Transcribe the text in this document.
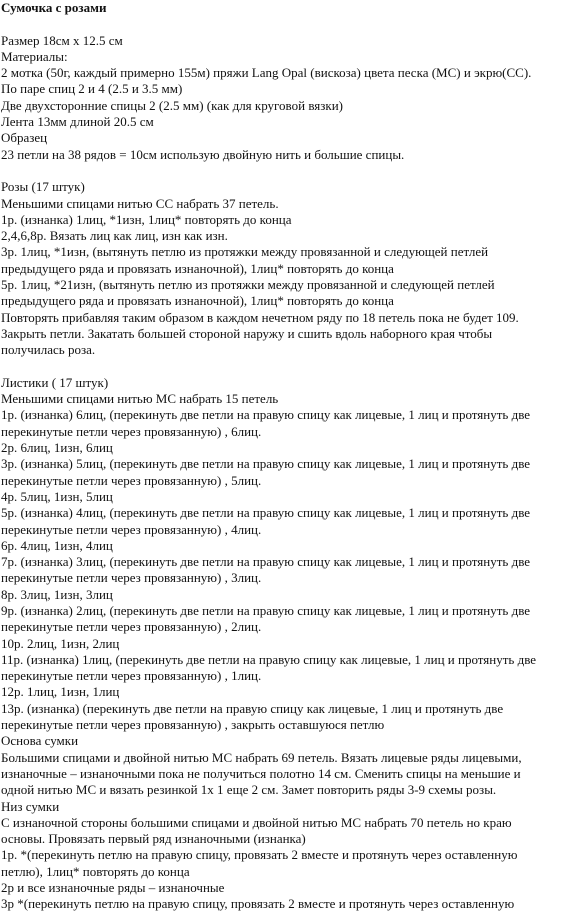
Сумочка с розами
Размер 18см x 12.5 см
Материалы:
2 мотка (50г, каждый примерно 155м) пряжи Lang Opal (вискоза) цвета песка (МС) и экрю(СС).
По паре спиц 2 и 4 (2.5 и 3.5 мм)
Две двухсторонние спицы 2 (2.5 мм) (как для круговой вязки)
Лента 13мм длиной 20.5 см
Образец
23 петли на 38 рядов = 10см использую двойную нить и большие спицы.
Розы (17 штук)
Меньшими спицами нитью СС набрать 37 петель.
1р. (изнанка) 1лиц, *1изн, 1лиц* повторять до конца
2,4,6,8р. Вязать лиц как лиц, изн как изн.
3р. 1лиц, *1изн, (вытянуть петлю из протяжки между провязанной и следующей петлей
предыдущего ряда и провязать изнаночной), 1лиц* повторять до конца
5р. 1лиц, *21изн, (вытянуть петлю из протяжки между провязанной и следующей петлей
предыдущего ряда и провязать изнаночной), 1лиц* повторять до конца
Повторять прибавляя таким образом в каждом нечетном ряду по 18 петель пока не будет 109.
Закрыть петли. Закатать большей стороной наружу и сшить вдоль наборного края чтобы
получилась роза.
Листики ( 17 штук)
Меньшими спицами нитью МС набрать 15 петель
1р. (изнанка) 6лиц, (перекинуть две петли на правую спицу как лицевые, 1 лиц и протянуть две
перекинутые петли через провязанную) , 6лиц.
2р. 6лиц, 1изн, 6лиц
3р. (изнанка) 5лиц, (перекинуть две петли на правую спицу как лицевые, 1 лиц и протянуть две
перекинутые петли через провязанную) , 5лиц.
4р. 5лиц, 1изн, 5лиц
5р. (изнанка) 4лиц, (перекинуть две петли на правую спицу как лицевые, 1 лиц и протянуть две
перекинутые петли через провязанную) , 4лиц.
6р. 4лиц, 1изн, 4лиц
7р. (изнанка) 3лиц, (перекинуть две петли на правую спицу как лицевые, 1 лиц и протянуть две
перекинутые петли через провязанную) , 3лиц.
8р. 3лиц, 1изн, 3лиц
9р. (изнанка) 2лиц, (перекинуть две петли на правую спицу как лицевые, 1 лиц и протянуть две
перекинутые петли через провязанную) , 2лиц.
10р. 2лиц, 1изн, 2лиц
11р. (изнанка) 1лиц, (перекинуть две петли на правую спицу как лицевые, 1 лиц и протянуть две
перекинутые петли через провязанную) , 1лиц.
12р. 1лиц, 1изн, 1лиц
13р. (изнанка) (перекинуть две петли на правую спицу как лицевые, 1 лиц и протянуть две
перекинутые петли через провязанную) , закрыть оставшуюся петлю
Основа сумки
Большими спицами и двойной нитью МС набрать 69 петель. Вязать лицевые ряды лицевыми,
изнаночные – изнаночными пока не получиться полотно 14 см. Сменить спицы на меньшие и
одной нитью МС и вязать резинкой 1х 1 еще 2 см. Замет повторить ряды 3-9 схемы розы.
Низ сумки
С изнаночной стороны большими спицами и двойной нитью МС набрать 70 петель но краю
основы. Провязать первый ряд изнаночными (изнанка)
1р. *(перекинуть петлю на правую спицу, провязать 2 вместе и протянуть через оставленную
петлю), 1лиц* повторять до конца
2р и все изнаночные ряды – изнаночные
3р *(перекинуть петлю на правую спицу, провязать 2 вместе и протянуть через оставленную
